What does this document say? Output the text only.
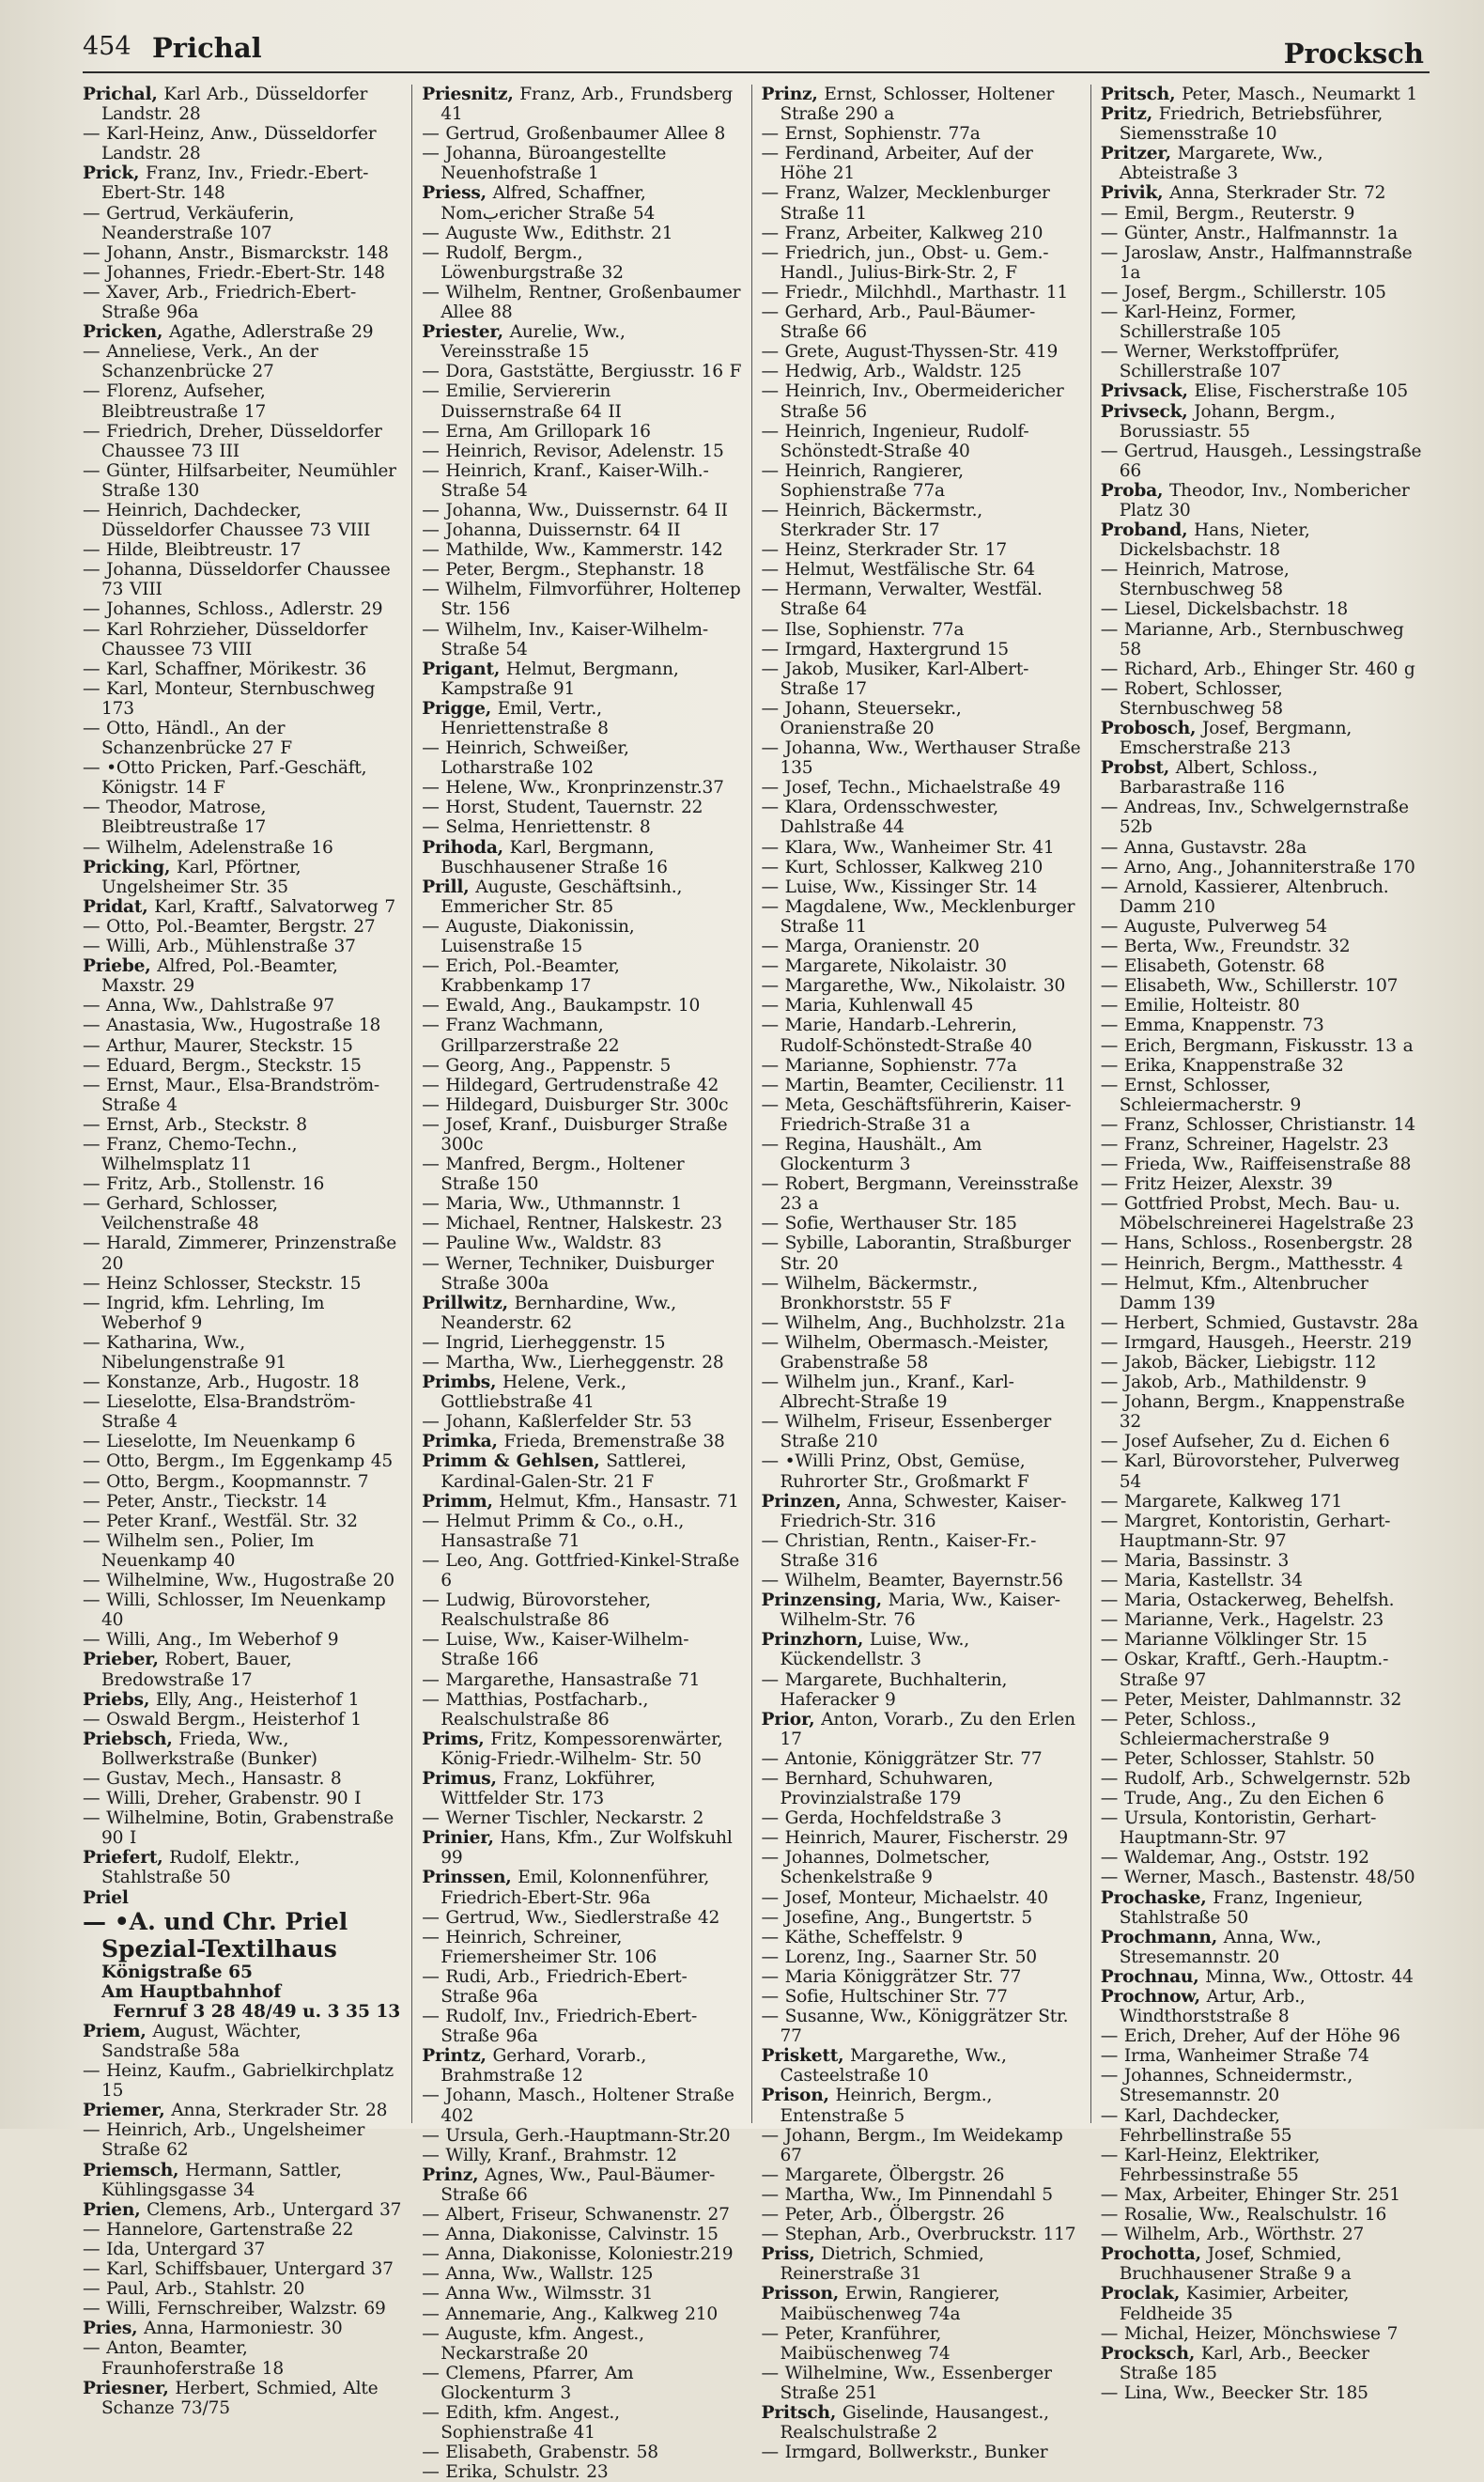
454 Prichal	Procksch
Prichal, Karl Arb., Düsseldorfer Landstr. 28
— Karl-Heinz, Anw., Düsseldorfer Landstr. 28
Prick, Franz, Inv., Friedr.-Ebert-Ebert-Str. 148
— Gertrud, Verkäuferin, Neanderstraße 107
— Johann, Anstr., Bismarckstr. 148
— Johannes, Friedr.-Ebert-Str. 148
— Xaver, Arb., Friedrich-Ebert-Straße 96a
Pricken, Agathe, Adlerstraße 29
— Anneliese, Verk., An der Schanzenbrücke 27
— Florenz, Aufseher, Bleibtreustraße 17
— Friedrich, Dreher, Düsseldorfer Chaussee 73 III
— Günter, Hilfsarbeiter, Neumühler Straße 130
— Heinrich, Dachdecker, Düsseldorfer Chaussee 73 VIII
— Hilde, Bleibtreustr. 17
— Johanna, Düsseldorfer Chaussee 73 VIII
— Johannes, Schloss., Adlerstr. 29
— Karl Rohrzieher, Düsseldorfer Chaussee 73 VIII
— Karl, Schaffner, Mörikestr. 36
— Karl, Monteur, Sternbuschweg 173
— Otto, Händl., An der Schanzenbrücke 27 F
— •Otto Pricken, Parf.-Geschäft, Königstr. 14 F
— Theodor, Matrose, Bleibtreustraße 17
— Wilhelm, Adelenstraße 16
Pricking, Karl, Pförtner, Ungelsheimer Str. 35
Pridat, Karl, Kraftf., Salvatorweg 7
— Otto, Pol.-Beamter, Bergstr. 27
— Willi, Arb., Mühlenstraße 37
Priebe, Alfred, Pol.-Beamter, Maxstr. 29
— Anna, Ww., Dahlstraße 97
— Anastasia, Ww., Hugostraße 18
— Arthur, Maurer, Steckstr. 15
— Eduard, Bergm., Steckstr. 15
— Ernst, Maur., Elsa-Brandström-Straße 4
— Ernst, Arb., Steckstr. 8
— Franz, Chemo-Techn., Wilhelmsplatz 11
— Fritz, Arb., Stollenstr. 16
— Gerhard, Schlosser, Veilchenstraße 48
— Harald, Zimmerer, Prinzenstraße 20
— Heinz Schlosser, Steckstr. 15
— Ingrid, kfm. Lehrling, Im Weberhof 9
— Katharina, Ww., Nibelungenstraße 91
— Konstanze, Arb., Hugostr. 18
— Lieselotte, Elsa-Brandström-Straße 4
— Lieselotte, Im Neuenkamp 6
— Otto, Bergm., Im Eggenkamp 45
— Otto, Bergm., Koopmannstr. 7
— Peter, Anstr., Tieckstr. 14
— Peter Kranf., Westfäl. Str. 32
— Wilhelm sen., Polier, Im Neuenkamp 40
— Wilhelmine, Ww., Hugostraße 20
— Willi, Schlosser, Im Neuenkamp 40
— Willi, Ang., Im Weberhof 9
Prieber, Robert, Bauer, Bredowstraße 17
Priebs, Elly, Ang., Heisterhof 1
— Oswald Bergm., Heisterhof 1
Priebsch, Frieda, Ww., Bollwerkstraße (Bunker)
— Gustav, Mech., Hansastr. 8
— Willi, Dreher, Grabenstr. 90 I
— Wilhelmine, Botin, Grabenstraße 90 I
Priefert, Rudolf, Elektr., Stahlstraße 50
Priel
— •A. und Chr. Priel Spezial-Textilhaus
Königstraße 65
Am Hauptbahnhof
Fernruf 3 28 48/49 u. 3 35 13
Priem, August, Wächter, Sandstraße 58a
— Heinz, Kaufm., Gabrielkirchplatz 15
Priemer, Anna, Sterkrader Str. 28
— Heinrich, Arb., Ungelsheimer Straße 62
Priemsch, Hermann, Sattler, Kühlingsgasse 34
Prien, Clemens, Arb., Untergard 37
— Hannelore, Gartenstraße 22
— Ida, Untergard 37
— Karl, Schiffsbauer, Untergard 37
— Paul, Arb., Stahlstr. 20
— Willi, Fernschreiber, Walzstr. 69
Pries, Anna, Harmoniestr. 30
— Anton, Beamter, Fraunhoferstraße 18
Priesner, Herbert, Schmied, Alte Schanze 73/75
Priesnitz, Franz, Arb., Frundsberg 41
— Gertrud, Großenbaumer Allee 8
— Johanna, Büroangestellte Neuenhofstraße 1
Priess, Alfred, Schaffner, Nomبericher Straße 54
— Auguste Ww., Edithstr. 21
— Rudolf, Bergm., Löwenburgstraße 32
— Wilhelm, Rentner, Großenbaumer Allee 88
Priester, Aurelie, Ww., Vereinsstraße 15
— Dora, Gaststätte, Bergiusstr. 16 F
— Emilie, Serviererin Duissernstraße 64 II
— Erna, Am Grillopark 16
— Heinrich, Revisor, Adelenstr. 15
— Heinrich, Kranf., Kaiser-Wilh.-Straße 54
— Johanna, Ww., Duissernstr. 64 II
— Johanna, Duissernstr. 64 II
— Mathilde, Ww., Kammerstr. 142
— Peter, Bergm., Stephanstr. 18
— Wilhelm, Filmvorführer, Holteпер Str. 156
— Wilhelm, Inv., Kaiser-Wilhelm-Straße 54
Prigant, Helmut, Bergmann, Kampstraße 91
Prigge, Emil, Vertr., Henriettenstraße 8
— Heinrich, Schweißer, Lotharstraße 102
— Helene, Ww., Kronprinzenstr.37
— Horst, Student, Tauernstr. 22
— Selma, Henriettenstr. 8
Prihoda, Karl, Bergmann, Buschhausener Straße 16
Prill, Auguste, Geschäftsinh., Emmericher Str. 85
— Auguste, Diakonissin, Luisenstraße 15
— Erich, Pol.-Beamter, Krabbenkamp 17
— Ewald, Ang., Baukampstr. 10
— Franz Wachmann, Grillparzerstraße 22
— Georg, Ang., Pappenstr. 5
— Hildegard, Gertrudenstraße 42
— Hildegard, Duisburger Str. 300c
— Josef, Kranf., Duisburger Straße 300c
— Manfred, Bergm., Holtener Straße 150
— Maria, Ww., Uthmannstr. 1
— Michael, Rentner, Halskestr. 23
— Pauline Ww., Waldstr. 83
— Werner, Techniker, Duisburger Straße 300a
Prillwitz, Bernhardine, Ww., Neanderstr. 62
— Ingrid, Lierheggenstr. 15
— Martha, Ww., Lierheggenstr. 28
Primbs, Helene, Verk., Gottliebstraße 41
— Johann, Kaßlerfelder Str. 53
Primka, Frieda, Bremenstraße 38
Primm & Gehlsen, Sattlerei, Kardinal-Galen-Str. 21 F
Primm, Helmut, Kfm., Hansastr. 71
— Helmut Primm & Co., o.H., Hansastraße 71
— Leo, Ang. Gottfried-Kinkel-Straße 6
— Ludwig, Bürovorsteher, Realschulstraße 86
— Luise, Ww., Kaiser-Wilhelm-Straße 166
— Margarethe, Hansastraße 71
— Matthias, Postfacharb., Realschulstraße 86
Prims, Fritz, Kompessorenwärter, König-Friedr.-Wilhelm- Str. 50
Primus, Franz, Lokführer, Wittfelder Str. 173
— Werner Tischler, Neckarstr. 2
Prinier, Hans, Kfm., Zur Wolfskuhl 99
Prinssen, Emil, Kolonnenführer, Friedrich-Ebert-Str. 96a
— Gertrud, Ww., Siedlerstraße 42
— Heinrich, Schreiner, Friemersheimer Str. 106
— Rudi, Arb., Friedrich-Ebert-Straße 96a
— Rudolf, Inv., Friedrich-Ebert-Straße 96a
Printz, Gerhard, Vorarb., Brahmstraße 12
— Johann, Masch., Holtener Straße 402
— Ursula, Gerh.-Hauptmann-Str.20
— Willy, Kranf., Brahmstr. 12
Prinz, Agnes, Ww., Paul-Bäumer-Straße 66
— Albert, Friseur, Schwanenstr. 27
— Anna, Diakonisse, Calvinstr. 15
— Anna, Diakonisse, Koloniestr.219
— Anna, Ww., Wallstr. 125
— Anna Ww., Wilmsstr. 31
— Annemarie, Ang., Kalkweg 210
— Auguste, kfm. Angest., Neckarstraße 20
— Clemens, Pfarrer, Am Glockenturm 3
— Edith, kfm. Angest., Sophienstraße 41
— Elisabeth, Grabenstr. 58
— Erika, Schulstr. 23
Prinz, Ernst, Schlosser, Holtener Straße 290 a
— Ernst, Sophienstr. 77a
— Ferdinand, Arbeiter, Auf der Höhe 21
— Franz, Walzer, Mecklenburger Straße 11
— Franz, Arbeiter, Kalkweg 210
— Friedrich, jun., Obst- u. Gem.-Handl., Julius-Birk-Str. 2, F
— Friedr., Milchhdl., Marthastr. 11
— Gerhard, Arb., Paul-Bäumer-Straße 66
— Grete, August-Thyssen-Str. 419
— Hedwig, Arb., Waldstr. 125
— Heinrich, Inv., Obermeidericher Straße 56
— Heinrich, Ingenieur, Rudolf-Schönstedt-Straße 40
— Heinrich, Rangierer, Sophienstraße 77a
— Heinrich, Bäckermstr., Sterkrader Str. 17
— Heinz, Sterkrader Str. 17
— Helmut, Westfälische Str. 64
— Hermann, Verwalter, Westfäl. Straße 64
— Ilse, Sophienstr. 77a
— Irmgard, Haxtergrund 15
— Jakob, Musiker, Karl-Albert-Straße 17
— Johann, Steuersekr., Oranienstraße 20
— Johanna, Ww., Werthauser Straße 135
— Josef, Techn., Michaelstraße 49
— Klara, Ordensschwester, Dahlstraße 44
— Klara, Ww., Wanheimer Str. 41
— Kurt, Schlosser, Kalkweg 210
— Luise, Ww., Kissinger Str. 14
— Magdalene, Ww., Mecklenburger Straße 11
— Marga, Oranienstr. 20
— Margarete, Nikolaistr. 30
— Margarethe, Ww., Nikolaistr. 30
— Maria, Kuhlenwall 45
— Marie, Handarb.-Lehrerin, Rudolf-Schönstedt-Straße 40
— Marianne, Sophienstr. 77a
— Martin, Beamter, Cecilienstr. 11
— Meta, Geschäftsführerin, Kaiser-Friedrich-Straße 31 a
— Regina, Haushält., Am Glockenturm 3
— Robert, Bergmann, Vereinsstraße 23 a
— Sofie, Werthauser Str. 185
— Sybille, Laborantin, Straßburger Str. 20
— Wilhelm, Bäckermstr., Bronkhorststr. 55 F
— Wilhelm, Ang., Buchholzstr. 21a
— Wilhelm, Obermasch.-Meister, Grabenstraße 58
— Wilhelm jun., Kranf., Karl-Albrecht-Straße 19
— Wilhelm, Friseur, Essenberger Straße 210
— •Willi Prinz, Obst, Gemüse, Ruhrorter Str., Großmarkt F
Prinzen, Anna, Schwester, Kaiser-Friedrich-Str. 316
— Christian, Rentn., Kaiser-Fr.-Straße 316
— Wilhelm, Beamter, Bayernstr.56
Prinzensing, Maria, Ww., Kaiser-Wilhelm-Str. 76
Prinzhorn, Luise, Ww., Kückendellstr. 3
— Margarete, Buchhalterin, Haferacker 9
Prior, Anton, Vorarb., Zu den Erlen 17
— Antonie, Königgrätzer Str. 77
— Bernhard, Schuhwaren, Provinzialstraße 179
— Gerda, Hochfeldstraße 3
— Heinrich, Maurer, Fischerstr. 29
— Johannes, Dolmetscher, Schenkelstraße 9
— Josef, Monteur, Michaelstr. 40
— Josefine, Ang., Bungertstr. 5
— Käthe, Scheffelstr. 9
— Lorenz, Ing., Saarner Str. 50
— Maria Königgrätzer Str. 77
— Sofie, Hultschiner Str. 77
— Susanne, Ww., Königgrätzer Str. 77
Priskett, Margarethe, Ww., Casteelstraße 10
Prison, Heinrich, Bergm., Entenstraße 5
— Johann, Bergm., Im Weidekamp 67
— Margarete, Ölbergstr. 26
— Martha, Ww., Im Pinnendahl 5
— Peter, Arb., Ölbergstr. 26
— Stephan, Arb., Overbruckstr. 117
Priss, Dietrich, Schmied, Reinerstraße 31
Prisson, Erwin, Rangierer, Maibüschenweg 74a
— Peter, Kranführer, Maibüschenweg 74
— Wilhelmine, Ww., Essenberger Straße 251
Pritsch, Giselinde, Hausangest., Realschulstraße 2
— Irmgard, Bollwerkstr., Bunker
Pritsch, Peter, Masch., Neumarkt 1
Pritz, Friedrich, Betriebsführer, Siemensstraße 10
Pritzer, Margarete, Ww., Abteistraße 3
Privik, Anna, Sterkrader Str. 72
— Emil, Bergm., Reuterstr. 9
— Günter, Anstr., Halfmannstr. 1a
— Jaroslaw, Anstr., Halfmannstraße 1a
— Josef, Bergm., Schillerstr. 105
— Karl-Heinz, Former, Schillerstraße 105
— Werner, Werkstoffprüfer, Schillerstraße 107
Privsack, Elise, Fischerstraße 105
Privseck, Johann, Bergm., Borussiastr. 55
— Gertrud, Hausgeh., Lessingstraße 66
Proba, Theodor, Inv., Nombericher Platz 30
Proband, Hans, Nieter, Dickelsbachstr. 18
— Heinrich, Matrose, Sternbuschweg 58
— Liesel, Dickelsbachstr. 18
— Marianne, Arb., Sternbuschweg 58
— Richard, Arb., Ehinger Str. 460 g
— Robert, Schlosser, Sternbuschweg 58
Probosch, Josef, Bergmann, Emscherstraße 213
Probst, Albert, Schloss., Barbarastraße 116
— Andreas, Inv., Schwelgernstraße 52b
— Anna, Gustavstr. 28a
— Arno, Ang., Johanniterstraße 170
— Arnold, Kassierer, Altenbruch. Damm 210
— Auguste, Pulverweg 54
— Berta, Ww., Freundstr. 32
— Elisabeth, Gotenstr. 68
— Elisabeth, Ww., Schillerstr. 107
— Emilie, Holteistr. 80
— Emma, Knappenstr. 73
— Erich, Bergmann, Fiskusstr. 13 a
— Erika, Knappenstraße 32
— Ernst, Schlosser, Schleiermacherstr. 9
— Franz, Schlosser, Christianstr. 14
— Franz, Schreiner, Hagelstr. 23
— Frieda, Ww., Raiffeisenstraße 88
— Fritz Heizer, Alexstr. 39
— Gottfried Probst, Mech. Bau- u. Möbelschreinerei Hagelstraße 23
— Hans, Schloss., Rosenbergstr. 28
— Heinrich, Bergm., Matthesstr. 4
— Helmut, Kfm., Altenbrucher Damm 139
— Herbert, Schmied, Gustavstr. 28a
— Irmgard, Hausgeh., Heerstr. 219
— Jakob, Bäcker, Liebigstr. 112
— Jakob, Arb., Mathildenstr. 9
— Johann, Bergm., Knappenstraße 32
— Josef Aufseher, Zu d. Eichen 6
— Karl, Bürovorsteher, Pulverweg 54
— Margarete, Kalkweg 171
— Margret, Kontoristin, Gerhart-Hauptmann-Str. 97
— Maria, Bassinstr. 3
— Maria, Kastellstr. 34
— Maria, Ostackerweg, Behelfsh.
— Marianne, Verk., Hagelstr. 23
— Marianne Völklinger Str. 15
— Oskar, Kraftf., Gerh.-Hauptm.-Straße 97
— Peter, Meister, Dahlmannstr. 32
— Peter, Schloss., Schleiermacherstraße 9
— Peter, Schlosser, Stahlstr. 50
— Rudolf, Arb., Schwelgernstr. 52b
— Trude, Ang., Zu den Eichen 6
— Ursula, Kontoristin, Gerhart-Hauptmann-Str. 97
— Waldemar, Ang., Oststr. 192
— Werner, Masch., Bastenstr. 48/50
Prochaske, Franz, Ingenieur, Stahlstraße 50
Prochmann, Anna, Ww., Stresemannstr. 20
Prochnau, Minna, Ww., Ottostr. 44
Prochnow, Artur, Arb., Windthorststraße 8
— Erich, Dreher, Auf der Höhe 96
— Irma, Wanheimer Straße 74
— Johannes, Schneidermstr., Stresemannstr. 20
— Karl, Dachdecker, Fehrbellinstraße 55
— Karl-Heinz, Elektriker, Fehrbessinstraße 55
— Max, Arbeiter, Ehinger Str. 251
— Rosalie, Ww., Realschulstr. 16
— Wilhelm, Arb., Wörthstr. 27
Prochotta, Josef, Schmied, Bruchhausener Straße 9 a
Proclak, Kasimier, Arbeiter, Feldheide 35
— Michal, Heizer, Mönchswiese 7
Procksch, Karl, Arb., Beecker Straße 185
— Lina, Ww., Beecker Str. 185
